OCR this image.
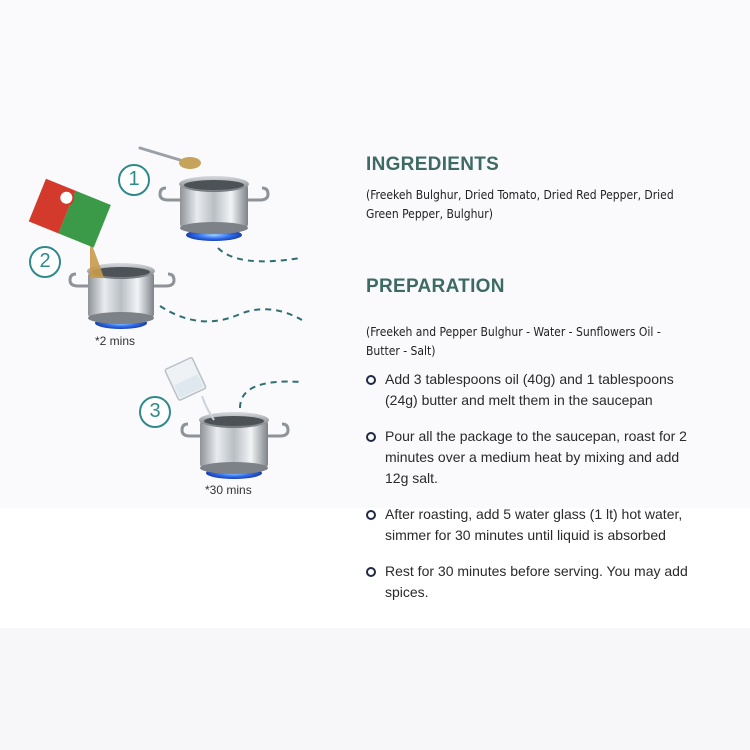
1
2
3
*2 mins
*30 mins
INGREDIENTS
(Freekeh Bulghur, Dried Tomato, Dried Red Pepper, Dried Green Pepper, Bulghur)
PREPARATION
(Freekeh and Pepper Bulghur - Water - Sunflowers Oil - Butter - Salt)
Add 3 tablespoons oil (40g) and 1 tablespoons (24g) butter and melt them in the saucepan
Pour all the package to the saucepan, roast for 2 minutes over a medium heat by mixing and add 12g salt.
After roasting, add 5 water glass (1 lt) hot water, simmer for 30 minutes until liquid is absorbed
Rest for 30 minutes before serving. You may add spices.
